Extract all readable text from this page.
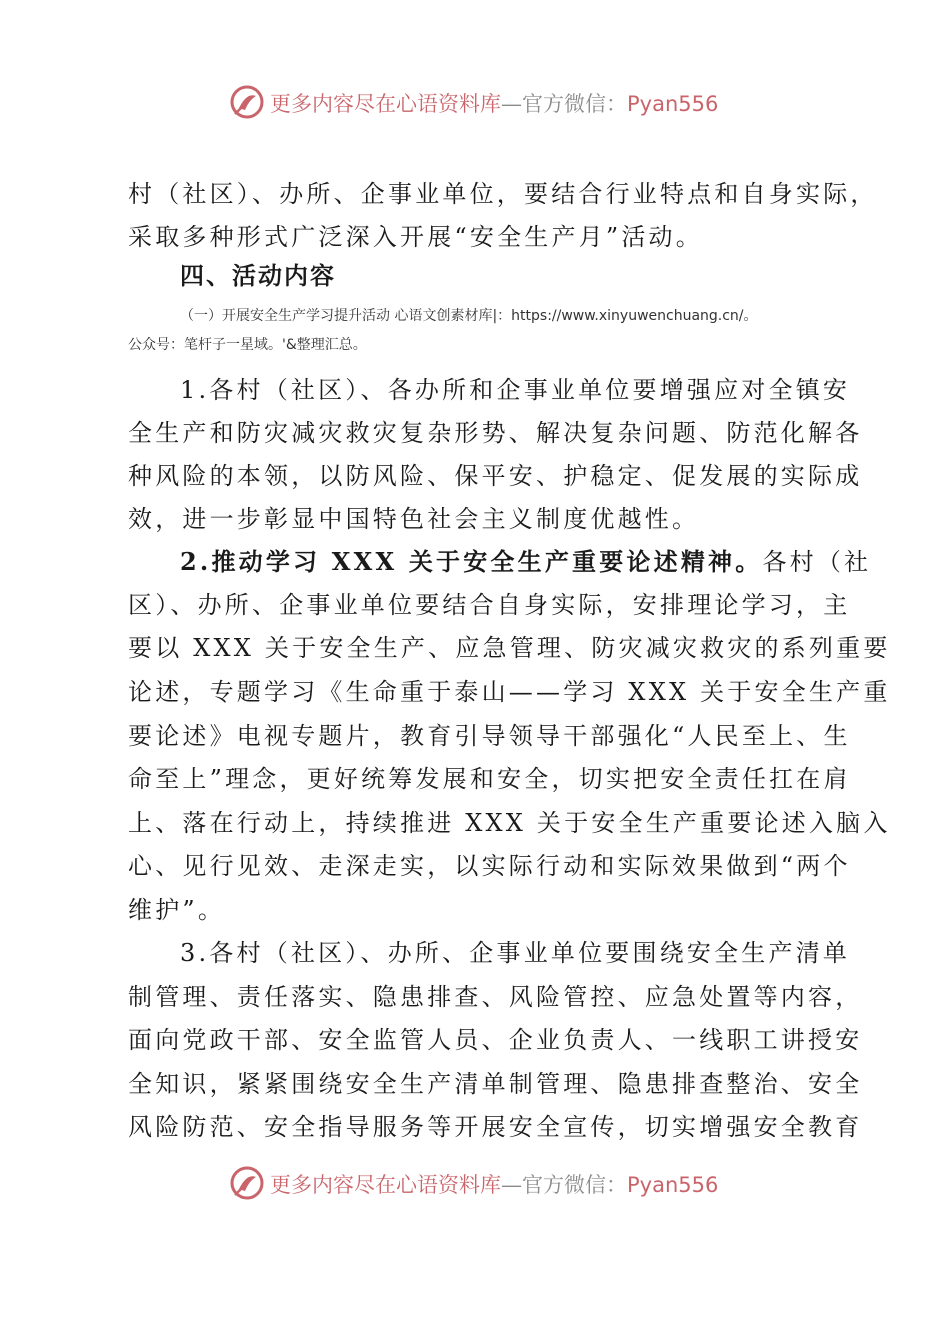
更多内容尽在心语资料库—官方微信：Pyan556
村（社区）、办所、企事业单位，要结合行业特点和自身实际，
采取多种形式广泛深入开展“安全生产月”活动。
四、活动内容
（一）开展安全生产学习提升活动 心语文创素材库|：https://www.xinyuwenchuang.cn/。
公众号：笔杆子一星域。'&整理汇总。
1.各村（社区）、各办所和企事业单位要增强应对全镇安
全生产和防灾减灾救灾复杂形势、解决复杂问题、防范化解各
种风险的本领，以防风险、保平安、护稳定、促发展的实际成
效，进一步彰显中国特色社会主义制度优越性。
2.推动学习 XXX 关于安全生产重要论述精神。各村（社
区）、办所、企事业单位要结合自身实际，安排理论学习，主
要以 XXX 关于安全生产、应急管理、防灾减灾救灾的系列重要
论述，专题学习《生命重于泰山——学习 XXX 关于安全生产重
要论述》电视专题片，教育引导领导干部强化“人民至上、生
命至上”理念，更好统筹发展和安全，切实把安全责任扛在肩
上、落在行动上，持续推进 XXX 关于安全生产重要论述入脑入
心、见行见效、走深走实，以实际行动和实际效果做到“两个
维护”。
3.各村（社区）、办所、企事业单位要围绕安全生产清单
制管理、责任落实、隐患排查、风险管控、应急处置等内容，
面向党政干部、安全监管人员、企业负责人、一线职工讲授安
全知识，紧紧围绕安全生产清单制管理、隐患排查整治、安全
风险防范、安全指导服务等开展安全宣传，切实增强安全教育
更多内容尽在心语资料库—官方微信：Pyan556
